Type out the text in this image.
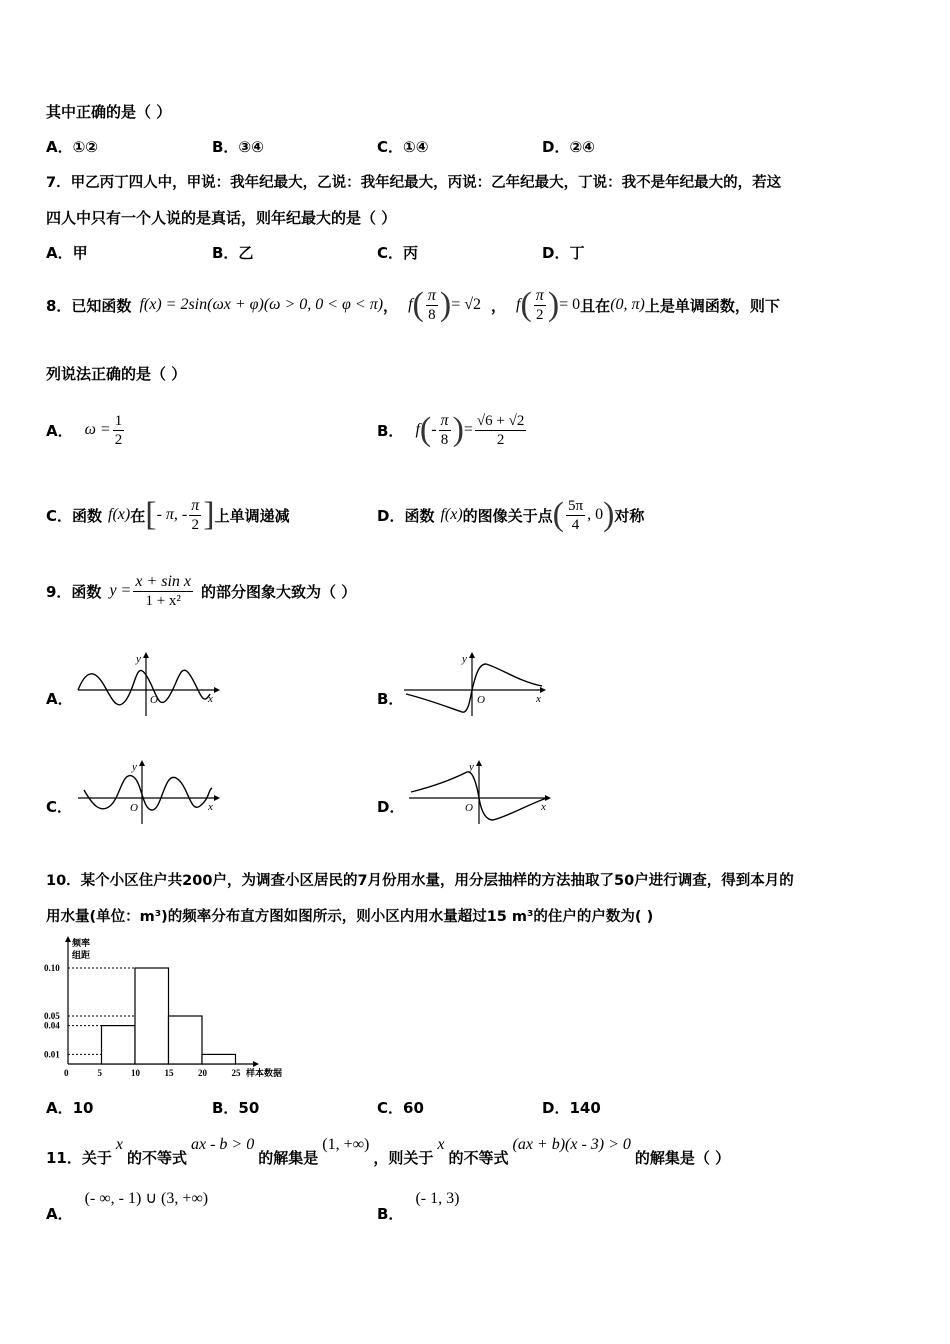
其中正确的是（ ）
A．①②	B．③④	C．①④	D．②④
7．甲乙丙丁四人中，甲说：我年纪最大，乙说：我年纪最大，丙说：乙年纪最大，丁说：我不是年纪最大的，若这
四人中只有一个人说的是真话，则年纪最大的是（ ）
A．甲	B．乙	C．丙	D．丁
8．已知函数 f(x) = 2sin(ωx + φ)(ω > 0, 0 < φ < π) ， f ( $\frac{\pi}{8}$ ) = √2 ， f ( $\frac{\pi}{2}$ ) = 0 且在 (0, π) 上是单调函数，则下
列说法正确的是（ ）
A． $\omega = \frac{1}{2}$	B． f ( - $\frac{\pi}{8}$ ) = $\frac{√6 + √2}{2}$
C．函数 f(x) 在 [ - π, - $\frac{\pi}{2}$ ] 上单调递减	D．函数 f(x) 的图像关于点 ( $\frac{5\pi}{4}$ , 0 ) 对称
9．函数 $y = \frac{\text{x + sin x}}{\text{1 + x²}}$ 的部分图象大致为（ ）
A．	B．
C．	D．
y
x
O
y
x
O
y
x
O
y
x
O
10．某个小区住户共200户，为调查小区居民的7月份用水量，用分层抽样的方法抽取了50户进行调查，得到本月的
用水量(单位：m³)的频率分布直方图如图所示，则小区内用水量超过15 m³的住户的户数为( )
频率
组距
0.10
0.05
0.04
0.01
0	5	10	15	20	25 样本数据
A．10	B．50	C．60	D．140
11．关于
x
的不等式
ax - b > 0
的解集是
(1, +∞)
，则关于
x
的不等式
(ax + b)(x - 3) > 0
的解集是（ ）
A．
(- ∞, - 1) ∪ (3, +∞)
B．
(- 1, 3)
